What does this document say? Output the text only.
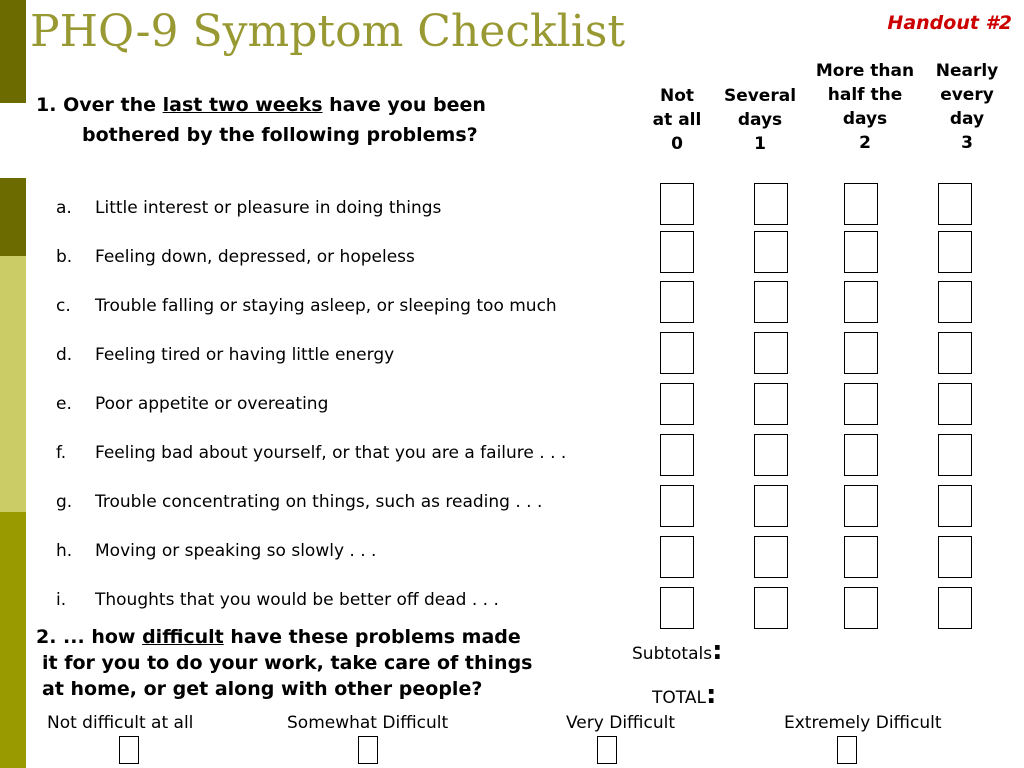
PHQ-9 Symptom Checklist	Handout #2
1. Over the last two weeks have you been
bothered by the following problems?
Not
at all
0
Several
days
1
More than
half the
days
2
Nearly
every
day
3
a. Little interest or pleasure in doing things
b. Feeling down, depressed, or hopeless
c. Trouble falling or staying asleep, or sleeping too much
d. Feeling tired or having little energy
e. Poor appetite or overeating
f. Feeling bad about yourself, or that you are a failure . . .
g. Trouble concentrating on things, such as reading . . .
h. Moving or speaking so slowly . . .
i. Thoughts that you would be better off dead . . .
2. ... how difficult have these problems made
it for you to do your work, take care of things
at home, or get along with other people?
Subtotals:
TOTAL:
Not difficult at all	Somewhat Difficult	Very Difficult	Extremely Difficult
